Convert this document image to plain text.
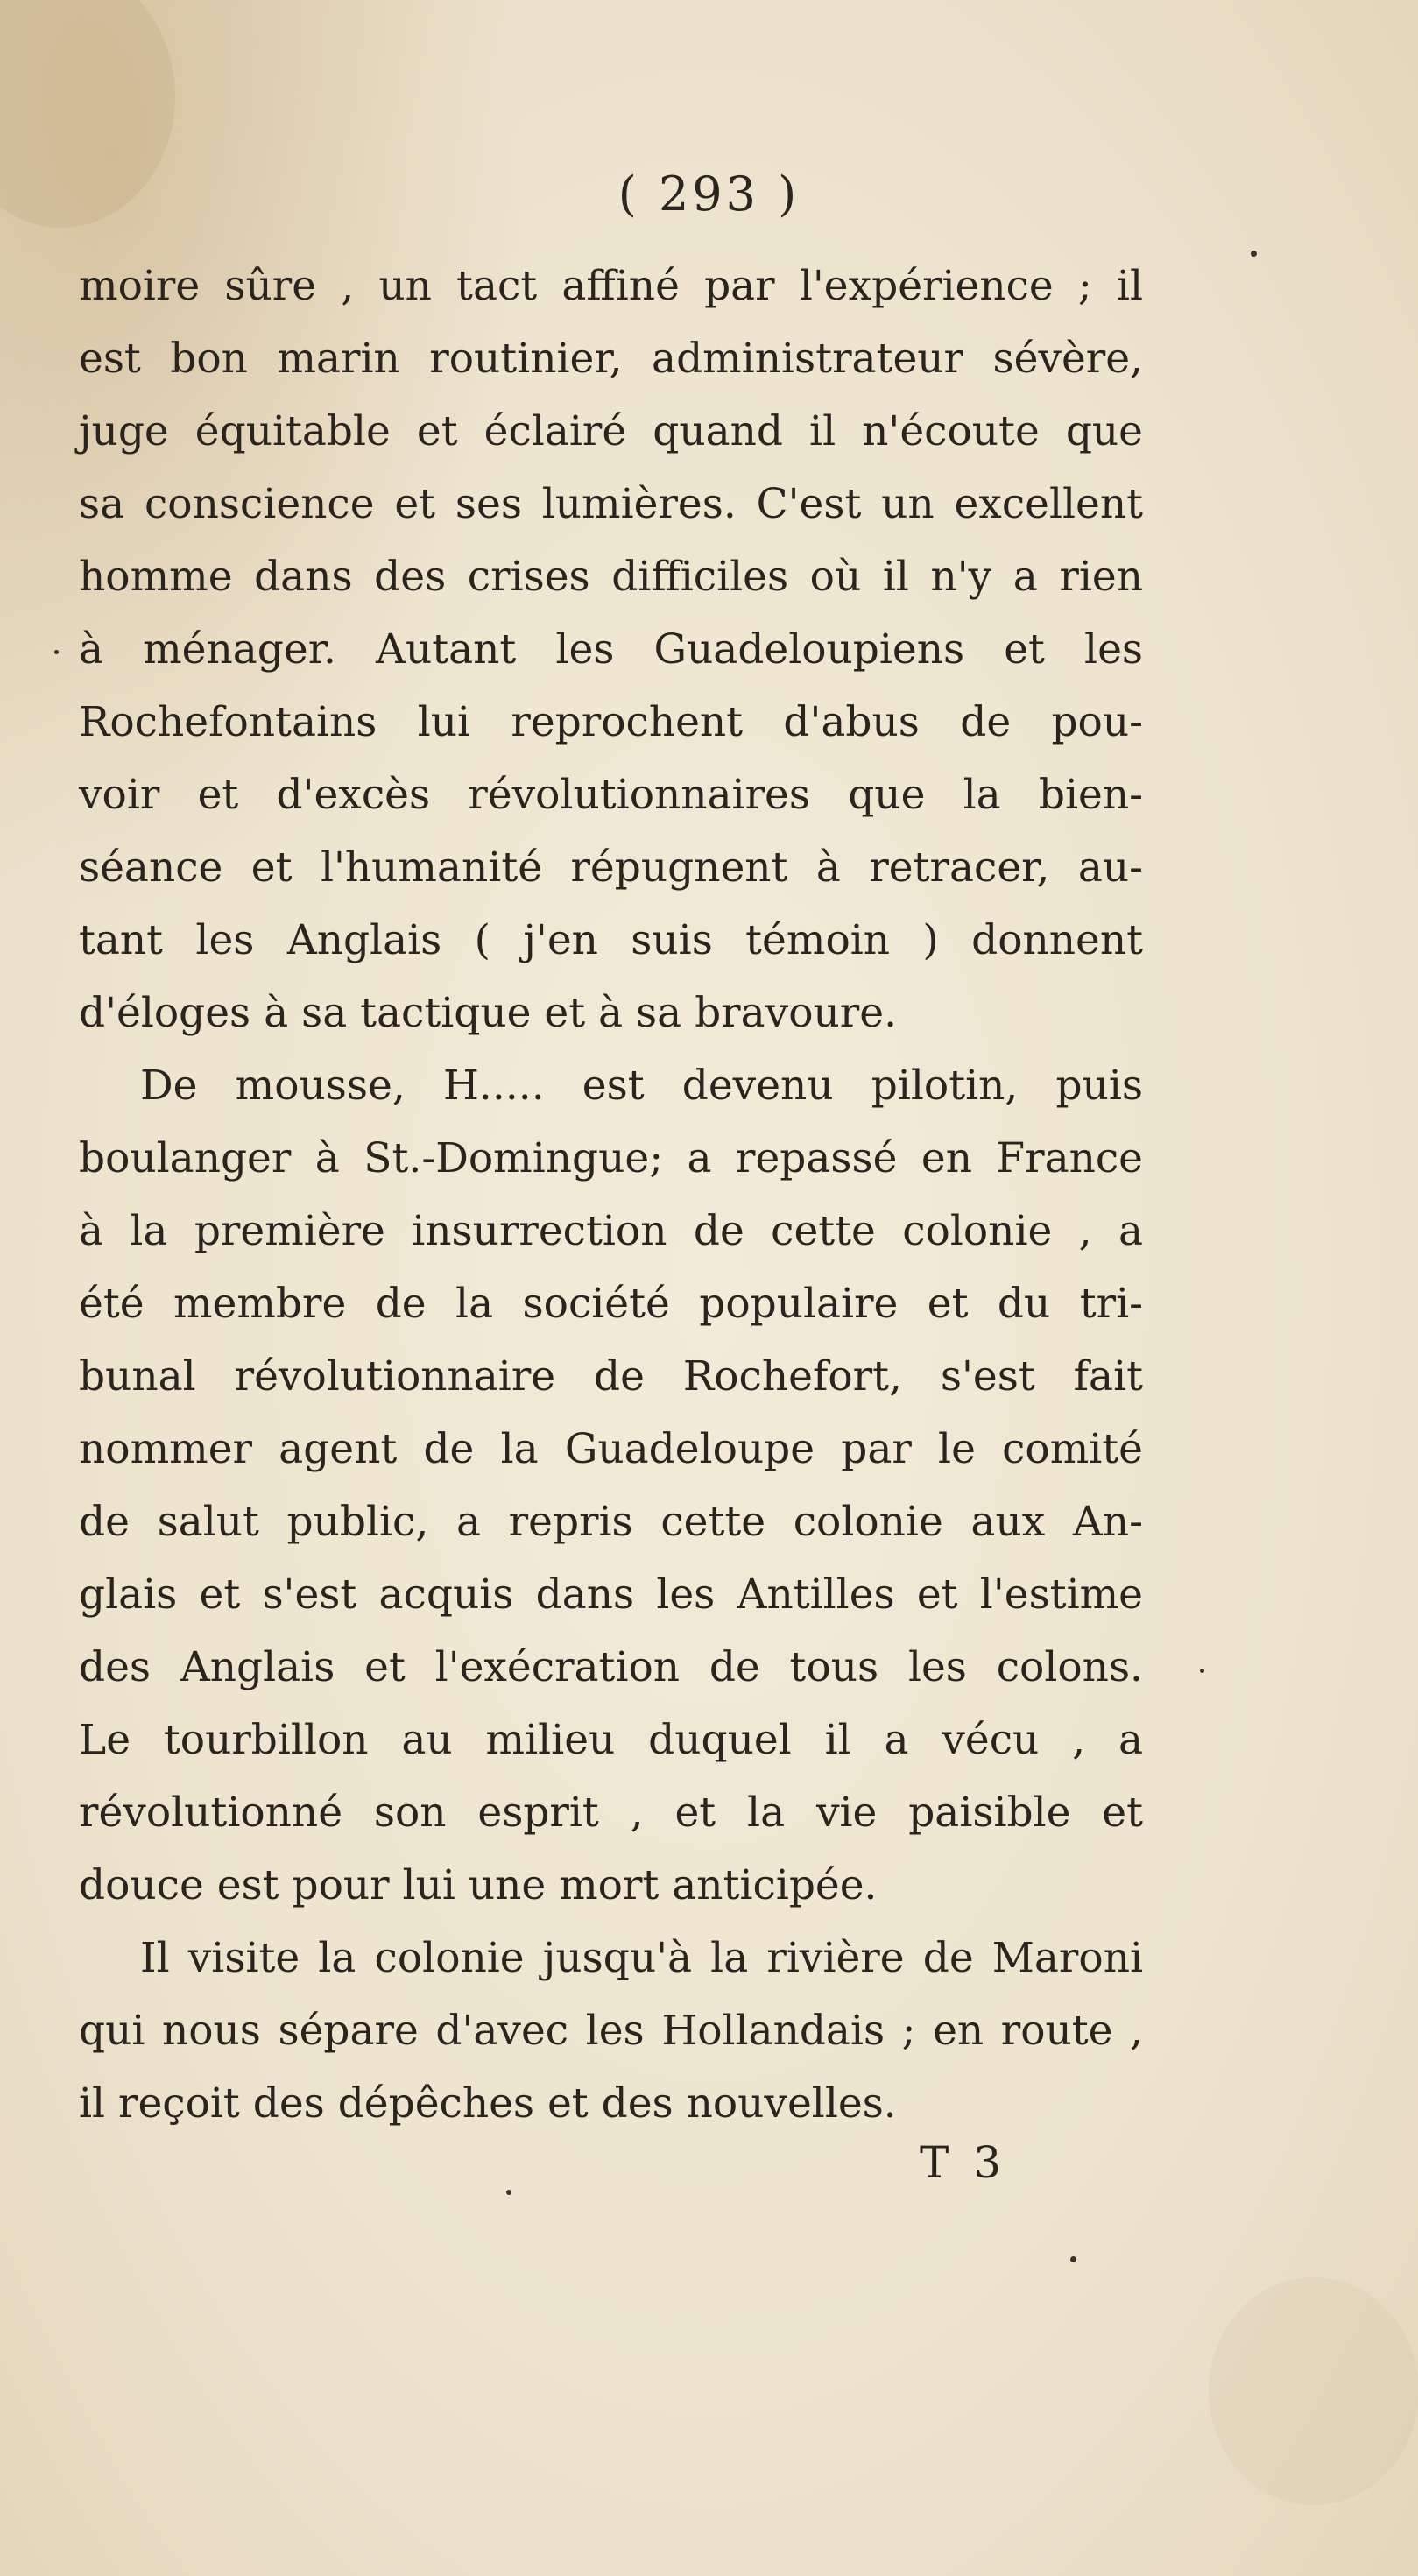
( 293 )
moire sûre , un tact affiné par l'expérience ; il
est bon marin routinier, administrateur sévère,
juge équitable et éclairé quand il n'écoute que
sa conscience et ses lumières. C'est un excellent
homme dans des crises difficiles où il n'y a rien
à ménager. Autant les Guadeloupiens et les
Rochefontains lui reprochent d'abus de pou-
voir et d'excès révolutionnaires que la bien-
séance et l'humanité répugnent à retracer, au-
tant les Anglais ( j'en suis témoin ) donnent
d'éloges à sa tactique et à sa bravoure.
De mousse, H..... est devenu pilotin, puis
boulanger à St.-Domingue; a repassé en France
à la première insurrection de cette colonie , a
été membre de la société populaire et du tri-
bunal révolutionnaire de Rochefort, s'est fait
nommer agent de la Guadeloupe par le comité
de salut public, a repris cette colonie aux An-
glais et s'est acquis dans les Antilles et l'estime
des Anglais et l'exécration de tous les colons.
Le tourbillon au milieu duquel il a vécu , a
révolutionné son esprit , et la vie paisible et
douce est pour lui une mort anticipée.
Il visite la colonie jusqu'à la rivière de Maroni
qui nous sépare d'avec les Hollandais ; en route ,
il reçoit des dépêches et des nouvelles.
T 3
